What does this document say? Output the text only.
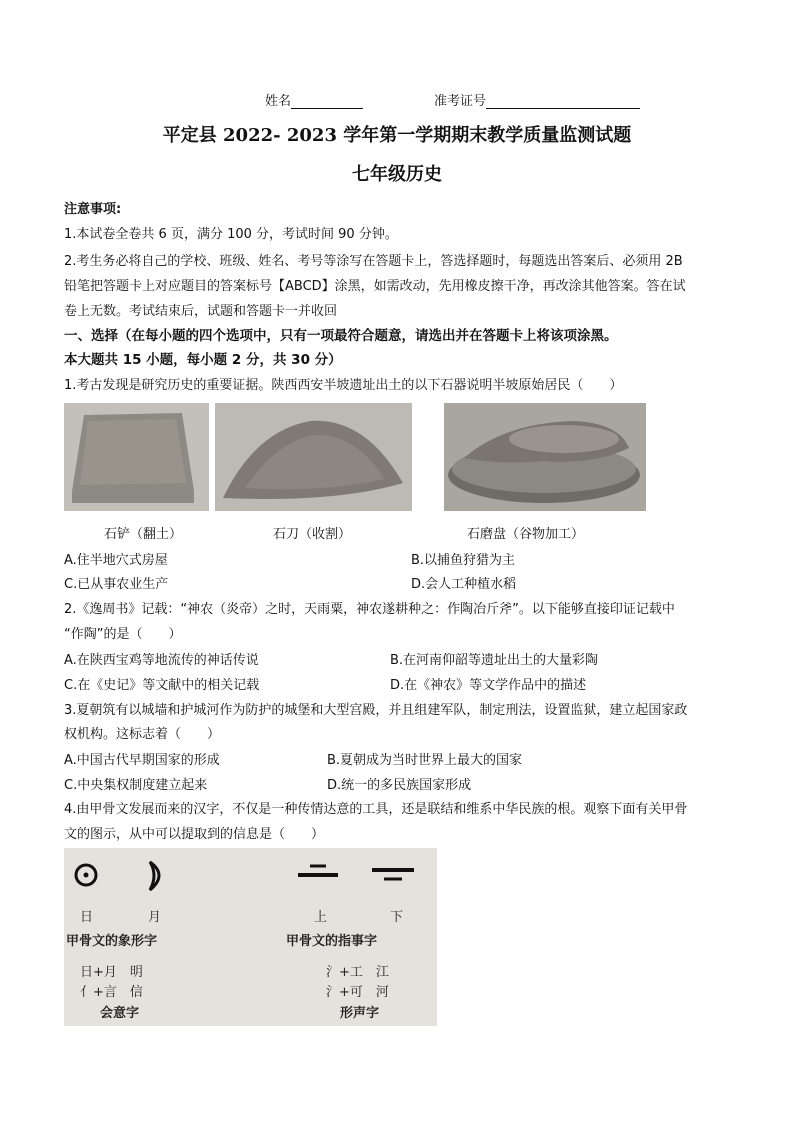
姓名	准考证号
平定县 2022- 2023 学年第一学期期末教学质量监测试题
七年级历史
注意事项:
1.本试卷全卷共 6 页，满分 100 分，考试时间 90 分钟。
2.考生务必将自己的学校、班级、姓名、考号等涂写在答题卡上，答选择题时，每题选出答案后、必须用 2B
铅笔把答题卡上对应题目的答案标号【ABCD】涂黑，如需改动，先用橡皮擦干净，再改涂其他答案。答在试
卷上无数。考试结束后，试题和答题卡一并收回
一、选择（在每小题的四个选项中，只有一项最符合题意，请选出并在答题卡上将该项涂黑。
本大题共 15 小题，每小题 2 分，共 30 分）
1.考古发现是研究历史的重要证据。陕西西安半坡遗址出土的以下石器说明半坡原始居民（　　）
石铲（翻土）	石刀（收割）	石磨盘（谷物加工）
A.住半地穴式房屋	B.以捕鱼狩猎为主
C.已从事农业生产	D.会人工种植水稻
2.《逸周书》记载：“神农（炎帝）之时，天雨粟，神农遂耕种之：作陶冶斤斧”。以下能够直接印证记载中
“作陶”的是（　　）
A.在陕西宝鸡等地流传的神话传说	B.在河南仰韶等遗址出土的大量彩陶
C.在《史记》等文献中的相关记载	D.在《神农》等文学作品中的描述
3.夏朝筑有以城墙和护城河作为防护的城堡和大型宫殿，并且组建军队，制定刑法，设置监狱，建立起国家政
权机构。这标志着（　　）
A.中国古代早期国家的形成	B.夏朝成为当时世界上最大的国家
C.中央集权制度建立起来	D.统一的多民族国家形成
4.由甲骨文发展而来的汉字，不仅是一种传情达意的工具，还是联结和维系中华民族的根。观察下面有关甲骨
文的图示，从中可以提取到的信息是（　　）
日	月	上	下
甲骨文的象形字	甲骨文的指事字
日+月　明
亻+言　信
会意字
氵+工　江
氵+可　河
形声字
